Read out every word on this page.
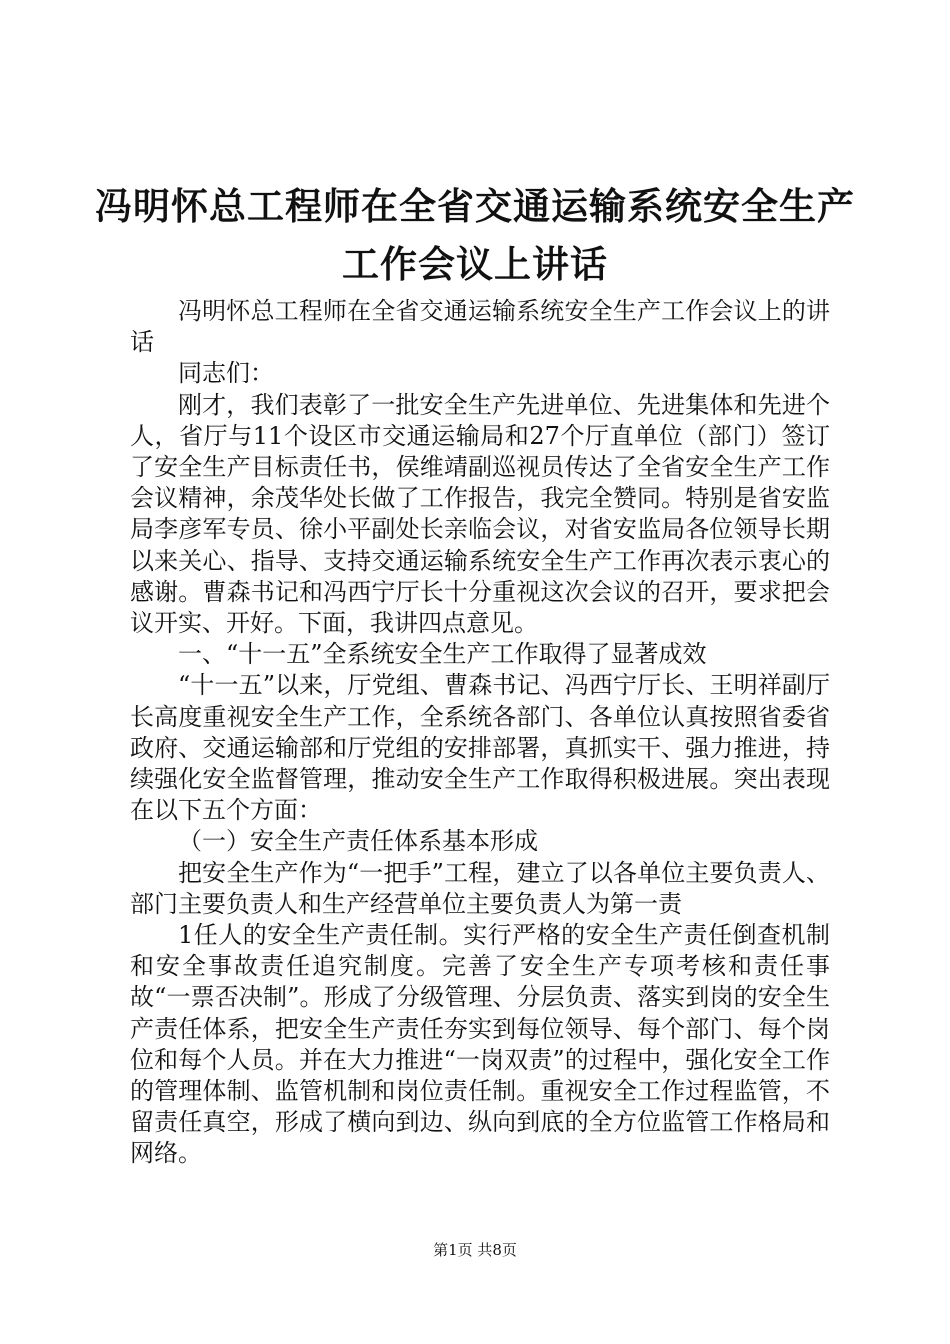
冯明怀总工程师在全省交通运输系统安全生产
工作会议上讲话

冯明怀总工程师在全省交通运输系统安全生产工作会议上的讲话

同志们：

刚才，我们表彰了一批安全生产先进单位、先进集体和先进个人，省厅与11个设区市交通运输局和27个厅直单位（部门）签订了安全生产目标责任书，侯维靖副巡视员传达了全省安全生产工作会议精神，余茂华处长做了工作报告，我完全赞同。特别是省安监局李彦军专员、徐小平副处长亲临会议，对省安监局各位领导长期以来关心、指导、支持交通运输系统安全生产工作再次表示衷心的感谢。曹森书记和冯西宁厅长十分重视这次会议的召开，要求把会议开实、开好。下面，我讲四点意见。

一、“十一五”全系统安全生产工作取得了显著成效

“十一五”以来，厅党组、曹森书记、冯西宁厅长、王明祥副厅长高度重视安全生产工作，全系统各部门、各单位认真按照省委省政府、交通运输部和厅党组的安排部署，真抓实干、强力推进，持续强化安全监督管理，推动安全生产工作取得积极进展。突出表现在以下五个方面：

（一）安全生产责任体系基本形成

把安全生产作为“一把手”工程，建立了以各单位主要负责人、部门主要负责人和生产经营单位主要负责人为第一责

1任人的安全生产责任制。实行严格的安全生产责任倒查机制和安全事故责任追究制度。完善了安全生产专项考核和责任事故“一票否决制”。形成了分级管理、分层负责、落实到岗的安全生产责任体系，把安全生产责任夯实到每位领导、每个部门、每个岗位和每个人员。并在大力推进“一岗双责”的过程中，强化安全工作的管理体制、监管机制和岗位责任制。重视安全工作过程监管，不留责任真空，形成了横向到边、纵向到底的全方位监管工作格局和网络。

第1页 共8页
